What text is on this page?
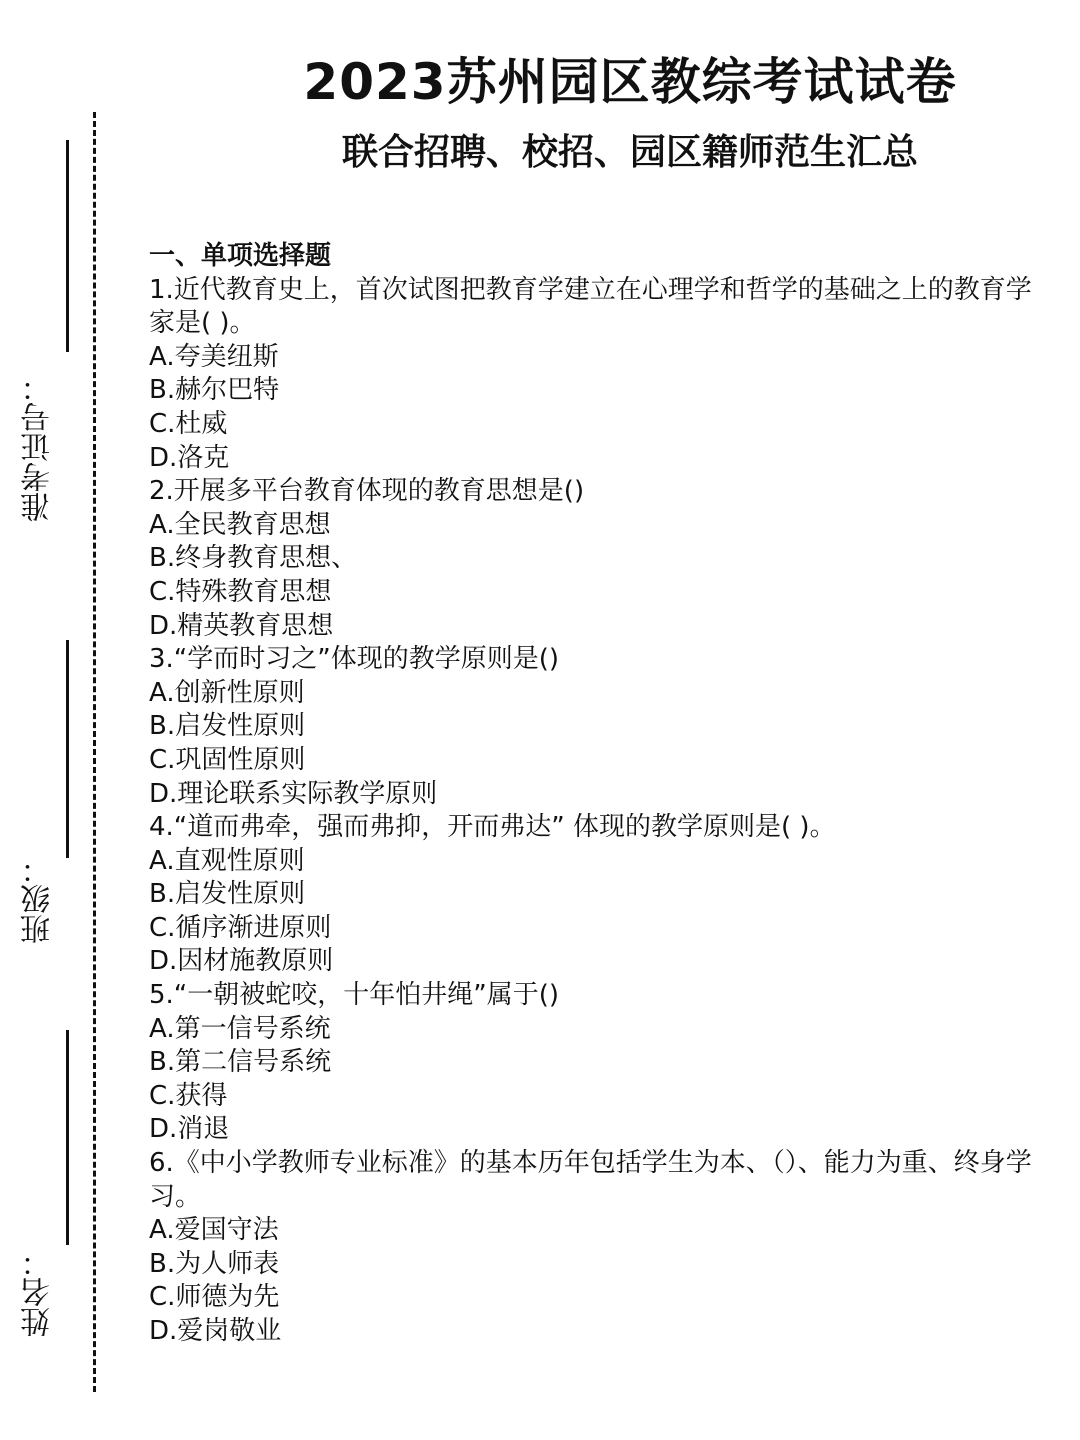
2023苏州园区教综考试试卷
联合招聘、校招、园区籍师范生汇总
准考证号：
班级：
姓名：
一、单项选择题
1.近代教育史上，首次试图把教育学建立在心理学和哲学的基础之上的教育学家是( )。
A.夸美纽斯
B.赫尔巴特
C.杜威
D.洛克
2.开展多平台教育体现的教育思想是()
A.全民教育思想
B.终身教育思想、
C.特殊教育思想
D.精英教育思想
3.“学而时习之”体现的教学原则是()
A.创新性原则
B.启发性原则
C.巩固性原则
D.理论联系实际教学原则
4.“道而弗牵，强而弗抑，开而弗达” 体现的教学原则是( )。
A.直观性原则
B.启发性原则
C.循序渐进原则
D.因材施教原则
5.“一朝被蛇咬，十年怕井绳”属于()
A.第一信号系统
B.第二信号系统
C.获得
D.消退
6.《中小学教师专业标准》的基本历年包括学生为本、（）、能力为重、终身学习。
A.爱国守法
B.为人师表
C.师德为先
D.爱岗敬业
